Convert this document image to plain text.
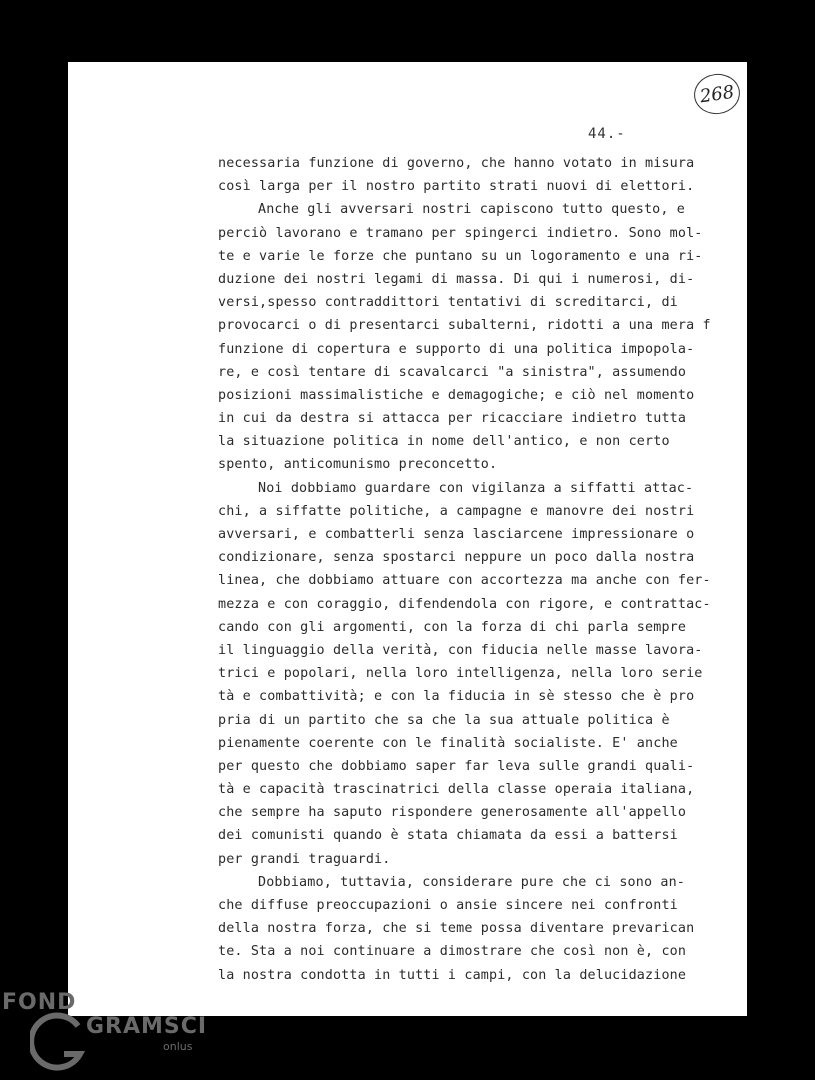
268
44.-
necessaria funzione di governo, che hanno votato in misura
così larga per il nostro partito strati nuovi di elettori.
Anche gli avversari nostri capiscono tutto questo, e
perciò lavorano e tramano per spingerci indietro. Sono mol-
te e varie le forze che puntano su un logoramento e una ri-
duzione dei nostri legami di massa. Di qui i numerosi, di-
versi,spesso contraddittori tentativi di screditarci, di
provocarci o di presentarci subalterni, ridotti a una mera f
funzione di copertura e supporto di una politica impopola-
re, e così tentare di scavalcarci "a sinistra", assumendo
posizioni massimalistiche e demagogiche; e ciò nel momento
in cui da destra si attacca per ricacciare indietro tutta
la situazione politica in nome dell'antico, e non certo
spento, anticomunismo preconcetto.
Noi dobbiamo guardare con vigilanza a siffatti attac-
chi, a siffatte politiche, a campagne e manovre dei nostri
avversari, e combatterli senza lasciarcene impressionare o
condizionare, senza spostarci neppure un poco dalla nostra
linea, che dobbiamo attuare con accortezza ma anche con fer-
mezza e con coraggio, difendendola con rigore, e contrattac-
cando con gli argomenti, con la forza di chi parla sempre
il linguaggio della verità, con fiducia nelle masse lavora-
trici e popolari, nella loro intelligenza, nella loro serie
tà e combattività; e con la fiducia in sè stesso che è pro
pria di un partito che sa che la sua attuale politica è
pienamente coerente con le finalità socialiste. E' anche
per questo che dobbiamo saper far leva sulle grandi quali-
tà e capacità trascinatrici della classe operaia italiana,
che sempre ha saputo rispondere generosamente all'appello
dei comunisti quando è stata chiamata da essi a battersi
per grandi traguardi.
Dobbiamo, tuttavia, considerare pure che ci sono an-
che diffuse preoccupazioni o ansie sincere nei confronti
della nostra forza, che si teme possa diventare prevarican
te. Sta a noi continuare a dimostrare che così non è, con
la nostra condotta in tutti i campi, con la delucidazione
FOND
GRAMSCI
onlus
